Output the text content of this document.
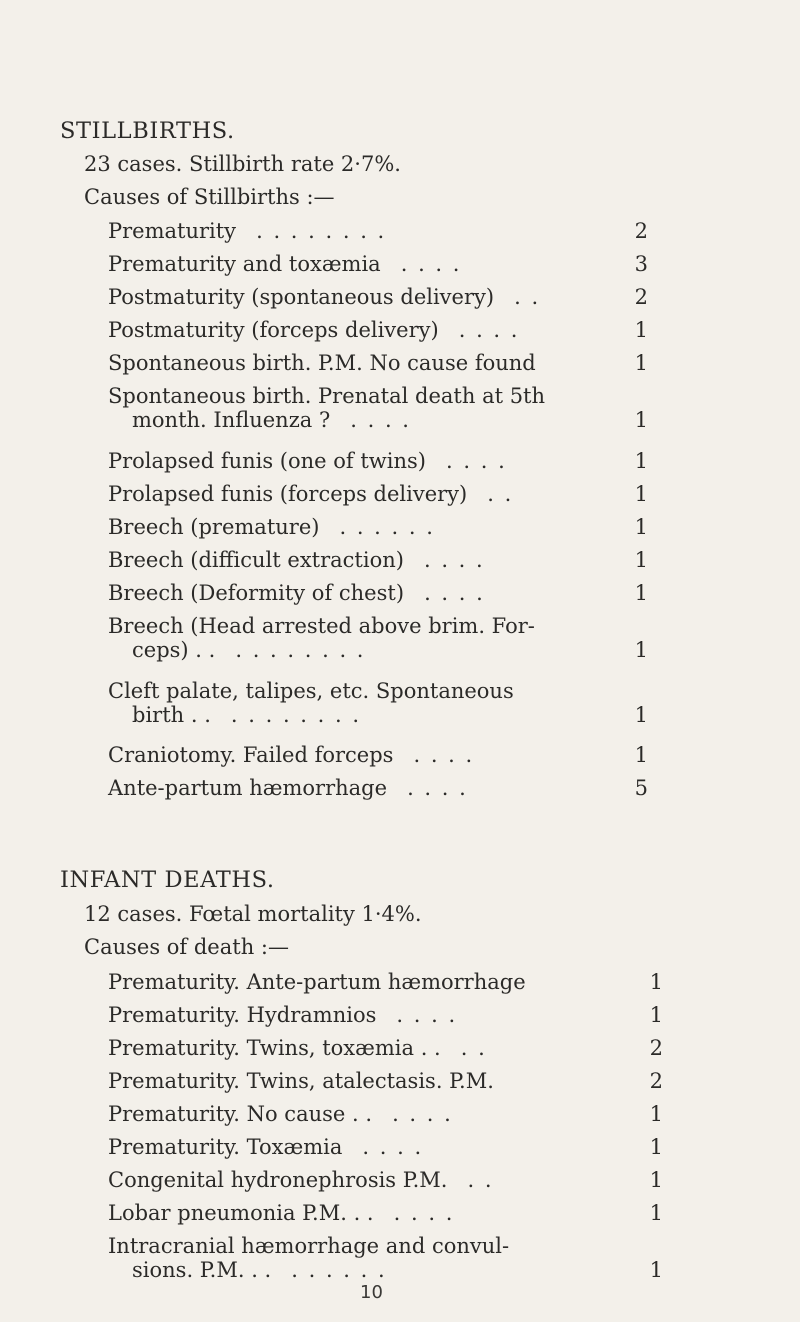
STILLBIRTHS.
23 cases. Stillbirth rate 2·7%.
Causes of Stillbirths :—
Prematurity . . . . . . . .	2
Prematurity and toxæmia . . . .	3
Postmaturity (spontaneous delivery) . .	2
Postmaturity (forceps delivery) . . . .	1
Spontaneous birth. P.M. No cause found	1
Spontaneous birth. Prenatal death at 5th
month. Influenza ? . . . .	1
Prolapsed funis (one of twins) . . . .	1
Prolapsed funis (forceps delivery) . .	1
Breech (premature) . . . . . .	1
Breech (difficult extraction) . . . .	1
Breech (Deformity of chest) . . . .	1
Breech (Head arrested above brim. For-
ceps) . . . . . . . . . .	1
Cleft palate, talipes, etc. Spontaneous
birth . . . . . . . . . .	1
Craniotomy. Failed forceps . . . .	1
Ante-partum hæmorrhage . . . .	5
INFANT DEATHS.
12 cases. Fœtal mortality 1·4%.
Causes of death :—
Prematurity. Ante-partum hæmorrhage	1
Prematurity. Hydramnios . . . .	1
Prematurity. Twins, toxæmia . . . .	2
Prematurity. Twins, atalectasis. P.M.	2
Prematurity. No cause . . . . . .	1
Prematurity. Toxæmia . . . .	1
Congenital hydronephrosis P.M. . .	1
Lobar pneumonia P.M. . . . . . .	1
Intracranial hæmorrhage and convul-
sions. P.M. . . . . . . . .	1
10
